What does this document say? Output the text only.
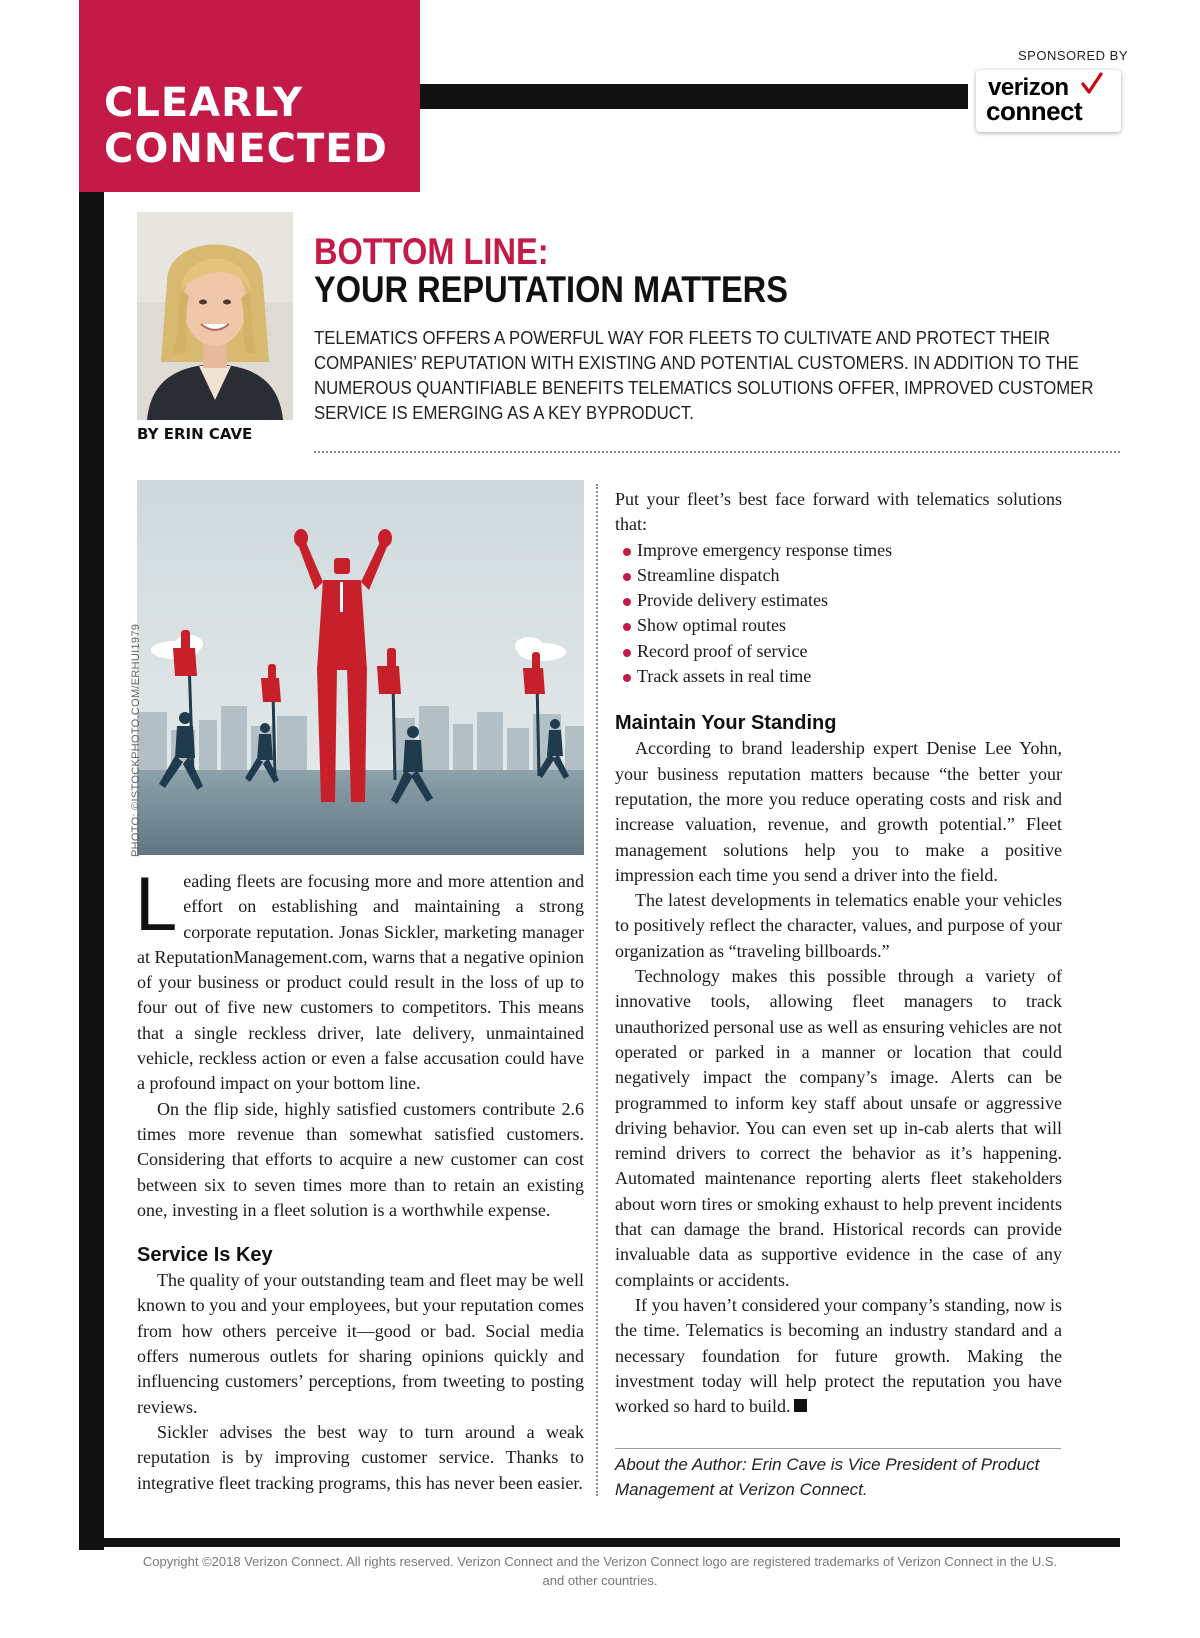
CLEARLY
CONNECTED
SPONSORED BY
verizon
connect
BY ERIN CAVE
BOTTOM LINE:
YOUR REPUTATION MATTERS
TELEMATICS OFFERS A POWERFUL WAY FOR FLEETS TO CULTIVATE AND PROTECT THEIR
COMPANIES’ REPUTATION WITH EXISTING AND POTENTIAL CUSTOMERS. IN ADDITION TO THE
NUMEROUS QUANTIFIABLE BENEFITS TELEMATICS SOLUTIONS OFFER, IMPROVED CUSTOMER
SERVICE IS EMERGING AS A KEY BYPRODUCT.
PHOTO: ©ISTOCKPHOTO.COM/ERHUI1979

Leading fleets are focusing more and more attention and effort on establishing and maintaining a strong corporate reputation. Jonas Sickler, marketing manager at ReputationManagement.com, warns that a negative opinion of your business or product could result in the loss of up to four out of five new customers to competitors. This means that a single reckless driver, late delivery, unmaintained vehicle, reckless action or even a false accusation could have a profound impact on your bottom line.

On the flip side, highly satisfied customers contribute 2.6 times more revenue than somewhat satisfied customers. Considering that efforts to acquire a new customer can cost between six to seven times more than to retain an existing one, investing in a fleet solution is a worthwhile expense.

Service Is Key

The quality of your outstanding team and fleet may be well known to you and your employees, but your reputation comes from how others perceive it—good or bad. Social media offers numerous outlets for sharing opinions quickly and influencing customers’ perceptions, from tweeting to posting reviews.

Sickler advises the best way to turn around a weak reputation is by improving customer service. Thanks to integrative fleet tracking programs, this has never been easier.

Put your fleet’s best face forward with telematics solutions that:

Improve emergency response times
Streamline dispatch
Provide delivery estimates
Show optimal routes
Record proof of service
Track assets in real time
Maintain Your Standing

According to brand leadership expert Denise Lee Yohn, your business reputation matters because “the better your reputation, the more you reduce operating costs and risk and increase valuation, revenue, and growth potential.” Fleet management solutions help you to make a positive impression each time you send a driver into the field.

The latest developments in telematics enable your vehicles to positively reflect the character, values, and purpose of your organization as “traveling billboards.”

Technology makes this possible through a variety of innovative tools, allowing fleet managers to track unauthorized personal use as well as ensuring vehicles are not operated or parked in a manner or location that could negatively impact the company’s image. Alerts can be programmed to inform key staff about unsafe or aggressive driving behavior. You can even set up in-cab alerts that will remind drivers to correct the behavior as it’s happening. Automated maintenance reporting alerts fleet stakeholders about worn tires or smoking exhaust to help prevent incidents that can damage the brand. Historical records can provide invaluable data as supportive evidence in the case of any complaints or accidents.

If you haven’t considered your company’s standing, now is the time. Telematics is becoming an industry standard and a necessary foundation for future growth. Making the investment today will help protect the reputation you have worked so hard to build.

About the Author: Erin Cave is Vice President of Product Management at Verizon Connect.
Copyright ©2018 Verizon Connect. All rights reserved. Verizon Connect and the Verizon Connect logo are registered trademarks of Verizon Connect in the U.S. and other countries.
